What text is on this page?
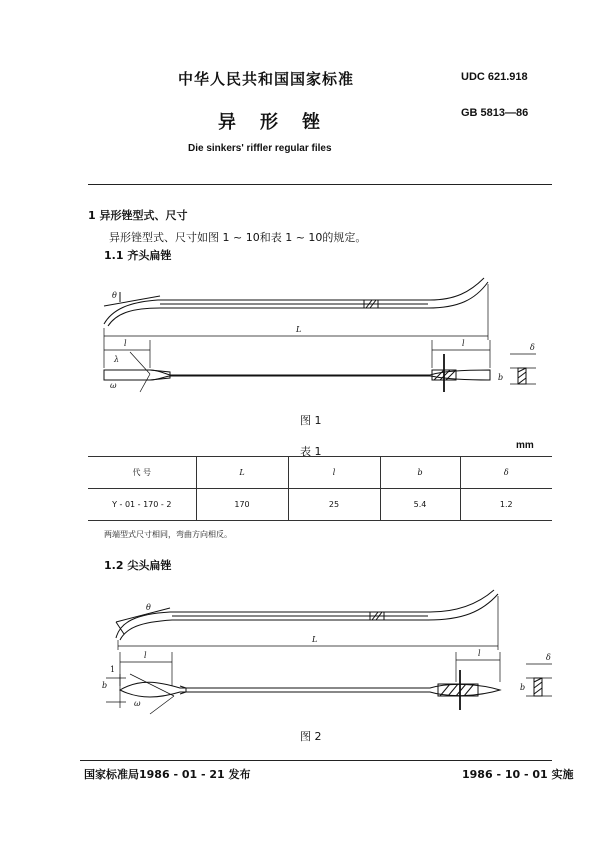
中华人民共和国国家标准	UDC 621.918
异形锉	GB 5813—86
Die sinkers' riffler regular files
1 异形锉型式、尺寸
异形锉型式、尺寸如图 1 ~ 10和表 1 ~ 10的规定。
1.1 齐头扁锉
θ
L
l	l
λ
ω
δ
b
图 1
表 1	mm
代 号	L	l	b	δ
Y - 01 - 170 - 2	170	25	5.4	1.2
两端型式尺寸相同，弯曲方向相反。
1.2 尖头扁锉
θ
L
l	l
ω
δ
b
b
1
图 2
国家标准局1986 - 01 - 21 发布	1986 - 10 - 01 实施
